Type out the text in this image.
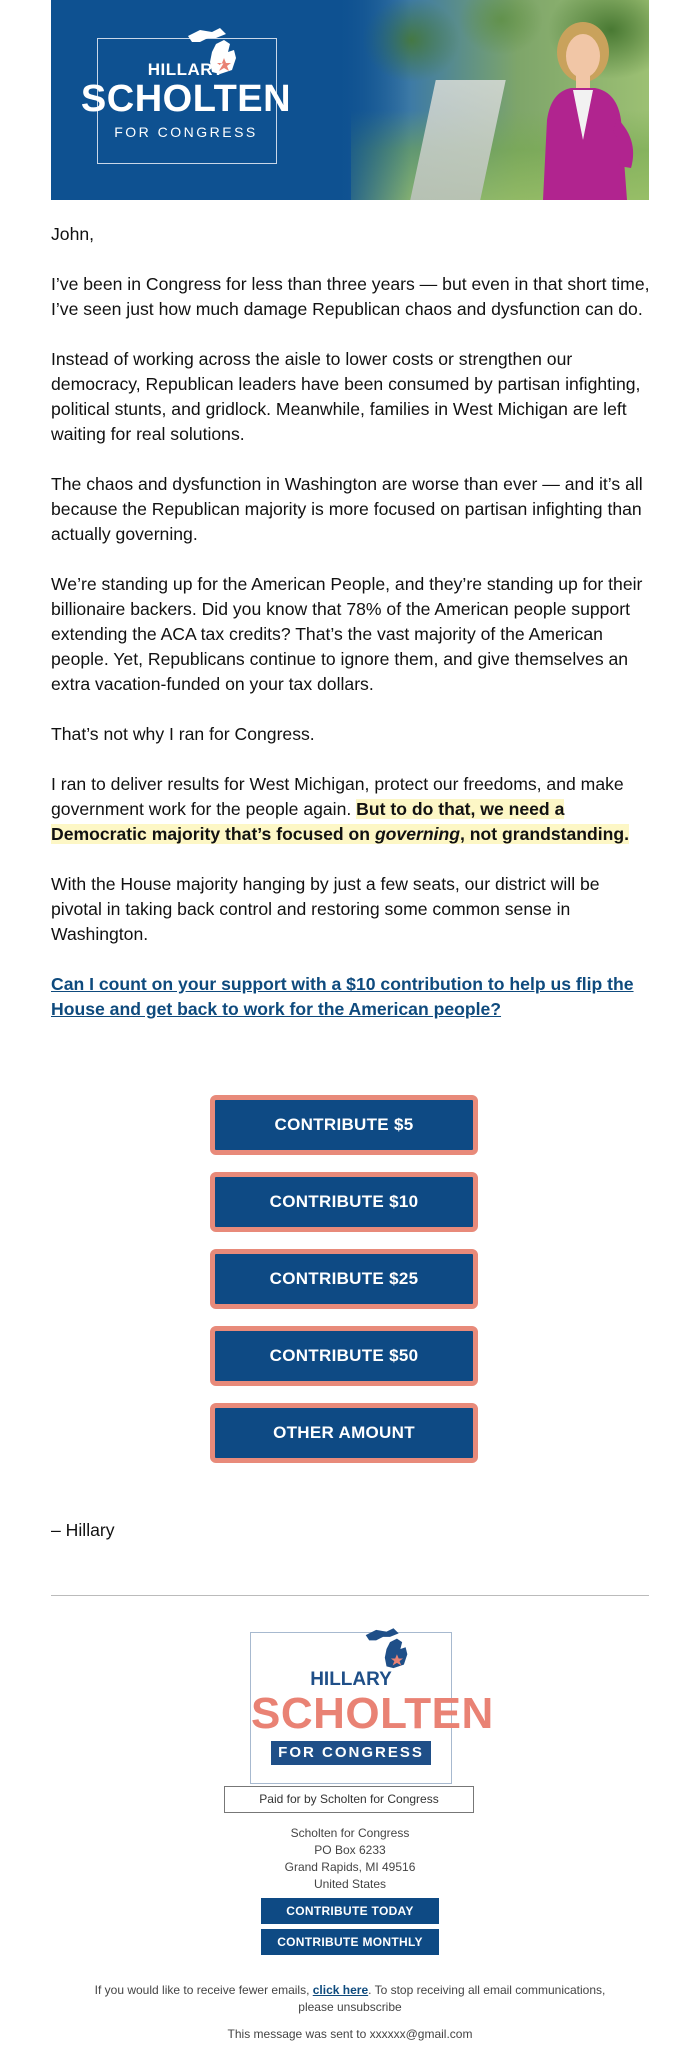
HILLARY
SCHOLTEN
FOR CONGRESS

John,

I’ve been in Congress for less than three years — but even in that short time, I’ve seen just how much damage Republican chaos and dysfunction can do.

Instead of working across the aisle to lower costs or strengthen our democracy, Republican leaders have been consumed by partisan infighting, political stunts, and gridlock. Meanwhile, families in West Michigan are left waiting for real solutions.

The chaos and dysfunction in Washington are worse than ever — and it’s all because the Republican majority is more focused on partisan infighting than actually governing.

We’re standing up for the American People, and they’re standing up for their billionaire backers. Did you know that 78% of the American people support extending the ACA tax credits? That’s the vast majority of the American people. Yet, Republicans continue to ignore them, and give themselves an extra vacation-funded on your tax dollars.

That’s not why I ran for Congress.

I ran to deliver results for West Michigan, protect our freedoms, and make government work for the people again. But to do that, we need a Democratic majority that’s focused on governing, not grandstanding.

With the House majority hanging by just a few seats, our district will be pivotal in taking back control and restoring some common sense in Washington.

Can I count on your support with a $10 contribution to help us flip the House and get back to work for the American people?

CONTRIBUTE $5
CONTRIBUTE $10
CONTRIBUTE $25
CONTRIBUTE $50
OTHER AMOUNT
– Hillary
HILLARY
SCHOLTEN
FOR CONGRESS
Paid for by Scholten for Congress
Scholten for Congress
PO Box 6233
Grand Rapids, MI 49516
United States
CONTRIBUTE TODAY
CONTRIBUTE MONTHLY
If you would like to receive fewer emails, click here. To stop receiving all email communications, please unsubscribe
This message was sent to xxxxxx@gmail.com
